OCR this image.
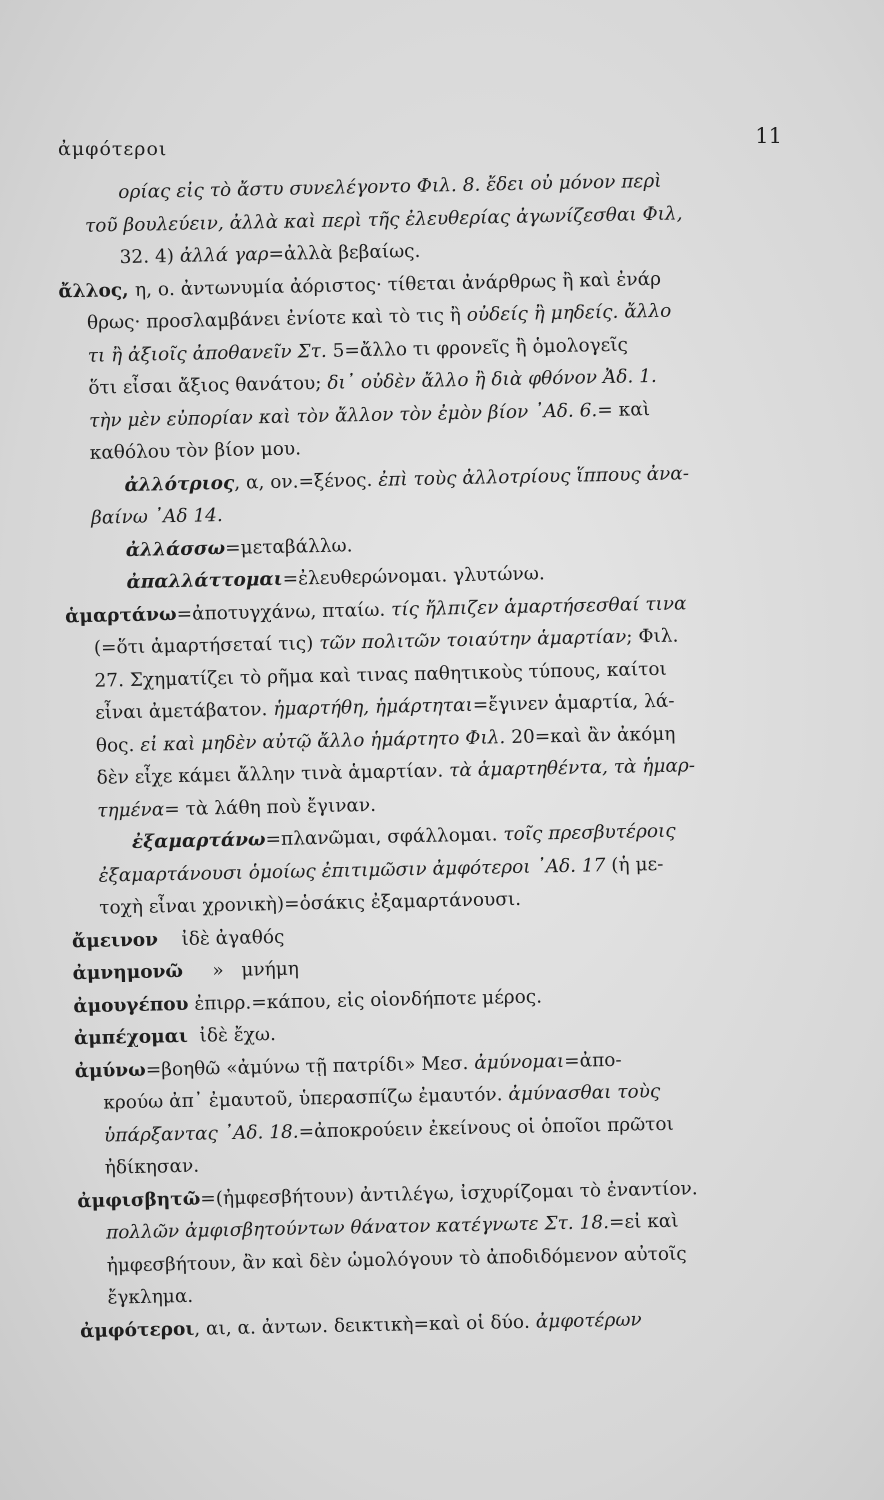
ἀμφότεροι
11
ορίας εἰς τὸ ἄστυ συνελέγοντο Φιλ. 8. ἔδει οὐ μόνον περὶ
τοῦ βουλεύειν, ἀλλὰ καὶ περὶ τῆς ἐλευθερίας ἀγωνίζεσθαι Φιλ,
32. 4) ἀλλά γαρ=ἀλλὰ βεβαίως.
ἄλλος, η, ο. ἀντωνυμία ἀόριστος· τίθεται ἀνάρθρως ἢ καὶ ἐνάρ
θρως· προσλαμβάνει ἐνίοτε καὶ τὸ τις ἢ οὐδείς ἢ μηδείς. ἄλλο
τι ἢ ἀξιοῖς ἀποθανεῖν Στ. 5=ἄλλο τι φρονεῖς ἢ ὁμολογεῖς
ὅτι εἶσαι ἄξιος θανάτου; δι᾿ οὐδὲν ἄλλο ἢ διὰ φθόνον Ἀδ. 1.
τὴν μὲν εὐπορίαν καὶ τὸν ἄλλον τὸν ἐμὸν βίον ᾿Αδ. 6.= καὶ
καθόλου τὸν βίον μου.
ἀλλότριος, α, ον.=ξένος. ἐπὶ τοὺς ἀλλοτρίους ἵππους ἀνα-
βαίνω ᾿Αδ 14.
ἀλλάσσω=μεταβάλλω.
ἀπαλλάττομαι=ἐλευθερώνομαι. γλυτώνω.
ἁμαρτάνω=ἀποτυγχάνω, πταίω. τίς ἤλπιζεν ἁμαρτήσεσθαί τινα
(=ὅτι ἁμαρτήσεταί τις) τῶν πολιτῶν τοιαύτην ἁμαρτίαν; Φιλ.
27. Σχηματίζει τὸ ρῆμα καὶ τινας παθητικοὺς τύπους, καίτοι
εἶναι ἀμετάβατον. ἡμαρτήθη, ἡμάρτηται=ἔγινεν ἁμαρτία, λά-
θος. εἰ καὶ μηδὲν αὐτῷ ἄλλο ἡμάρτητο Φιλ. 20=καὶ ἂν ἀκόμη
δὲν εἶχε κάμει ἄλλην τινὰ ἁμαρτίαν. τὰ ἁμαρτηθέντα, τὰ ἡμαρ-
τημένα= τὰ λάθη ποὺ ἔγιναν.
ἐξαμαρτάνω=πλανῶμαι, σφάλλομαι. τοῖς πρεσβυτέροις
ἐξαμαρτάνουσι ὁμοίως ἐπιτιμῶσιν ἀμφότεροι ᾿Αδ. 17 (ἡ με-
τοχὴ εἶναι χρονικὴ)=ὁσάκις ἐξαμαρτάνουσι.
ἄμεινον    ἰδὲ ἀγαθός
ἀμνημονῶ     »   μνήμη
ἀμουγέπου ἐπιρρ.=κάπου, εἰς οἱονδήποτε μέρος.
ἀμπέχομαι  ἰδὲ ἔχω.
ἀμύνω=βοηθῶ «ἀμύνω τῇ πατρίδι» Μεσ. ἀμύνομαι=ἀπο-
κρούω ἀπ᾿ ἐμαυτοῦ, ὑπερασπίζω ἐμαυτόν. ἀμύνασθαι τοὺς
ὑπάρξαντας ᾿Αδ. 18.=ἀποκρούειν ἐκείνους οἱ ὁποῖοι πρῶτοι
ἠδίκησαν.
ἀμφισβητῶ=(ἠμφεσβήτουν) ἀντιλέγω, ἰσχυρίζομαι τὸ ἐναντίον.
πολλῶν ἀμφισβητούντων θάνατον κατέγνωτε Στ. 18.=εἰ καὶ
ἠμφεσβήτουν, ἂν καὶ δὲν ὡμολόγουν τὸ ἀποδιδόμενον αὐτοῖς
ἔγκλημα.
ἀμφότεροι, αι, α. ἀντων. δεικτικὴ=καὶ οἱ δύο. ἀμφοτέρων
